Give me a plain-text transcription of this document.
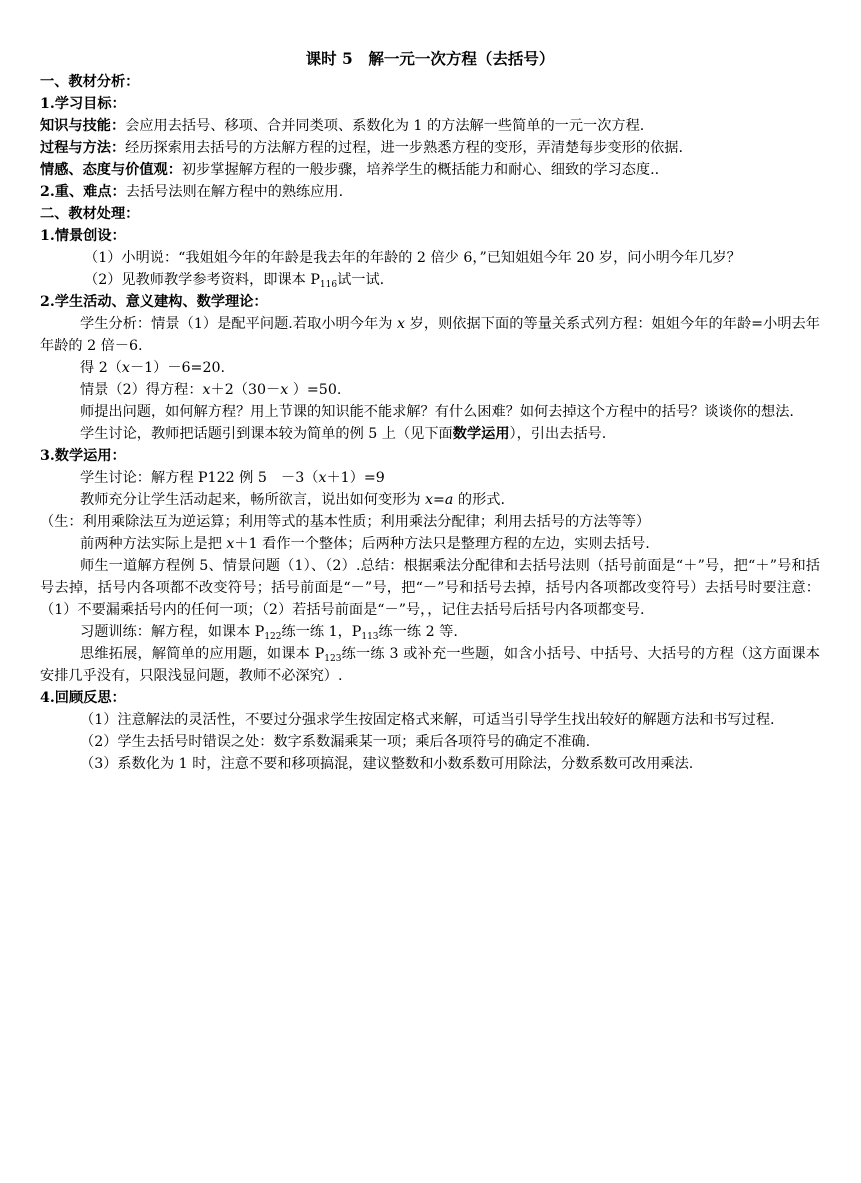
课时 5　解一元一次方程（去括号）
一、教材分析：
1.学习目标：
知识与技能：会应用去括号、移项、合并同类项、系数化为 1 的方法解一些简单的一元一次方程.
过程与方法：经历探索用去括号的方法解方程的过程，进一步熟悉方程的变形，弄清楚每步变形的依据.
情感、态度与价值观：初步掌握解方程的一般步骤，培养学生的概括能力和耐心、细致的学习态度..
2.重、难点：去括号法则在解方程中的熟练应用.
二、教材处理：
1.情景创设：
（1）小明说：“我姐姐今年的年龄是我去年的年龄的 2 倍少 6，”已知姐姐今年 20 岁，问小明今年几岁？
（2）见教师教学参考资料，即课本 $P_{116}$试一试.
2.学生活动、意义建构、数学理论：
学生分析：情景（1）是配平问题.若取小明今年为 x 岁，则依据下面的等量关系式列方程：姐姐今年的年龄=小明去年年龄的 2 倍－6.
得 2（x－1）－6=20.
情景（2）得方程：x＋2（30－x ）=50.
师提出问题，如何解方程？用上节课的知识能不能求解？有什么困难？如何去掉这个方程中的括号？谈谈你的想法.
学生讨论，教师把话题引到课本较为简单的例 5 上（见下面数学运用），引出去括号.
3.数学运用：
学生讨论：解方程 P122 例 5　－3（x＋1）=9
教师充分让学生活动起来，畅所欲言，说出如何变形为 x=a 的形式.
（生：利用乘除法互为逆运算；利用等式的基本性质；利用乘法分配律；利用去括号的方法等等）
前两种方法实际上是把 x＋1 看作一个整体；后两种方法只是整理方程的左边，实则去括号.
师生一道解方程例 5、情景问题（1）、（2）.总结：根据乘法分配律和去括号法则（括号前面是“＋”号，把“＋”号和括号去掉，括号内各项都不改变符号；括号前面是“－”号，把“－”号和括号去掉，括号内各项都改变符号）去括号时要注意：（1）不要漏乘括号内的任何一项；（2）若括号前面是“－”号，，记住去括号后括号内各项都变号.
习题训练：解方程，如课本 $P_{122}$练一练 1，$P_{113}$练一练 2 等.
思维拓展，解简单的应用题，如课本 $P_{123}$练一练 3 或补充一些题，如含小括号、中括号、大括号的方程（这方面课本安排几乎没有，只限浅显问题，教师不必深究）.
4.回顾反思：
（1）注意解法的灵活性，不要过分强求学生按固定格式来解，可适当引导学生找出较好的解题方法和书写过程.
（2）学生去括号时错误之处：数字系数漏乘某一项；乘后各项符号的确定不准确.
（3）系数化为 1 时，注意不要和移项搞混，建议整数和小数系数可用除法，分数系数可改用乘法.
